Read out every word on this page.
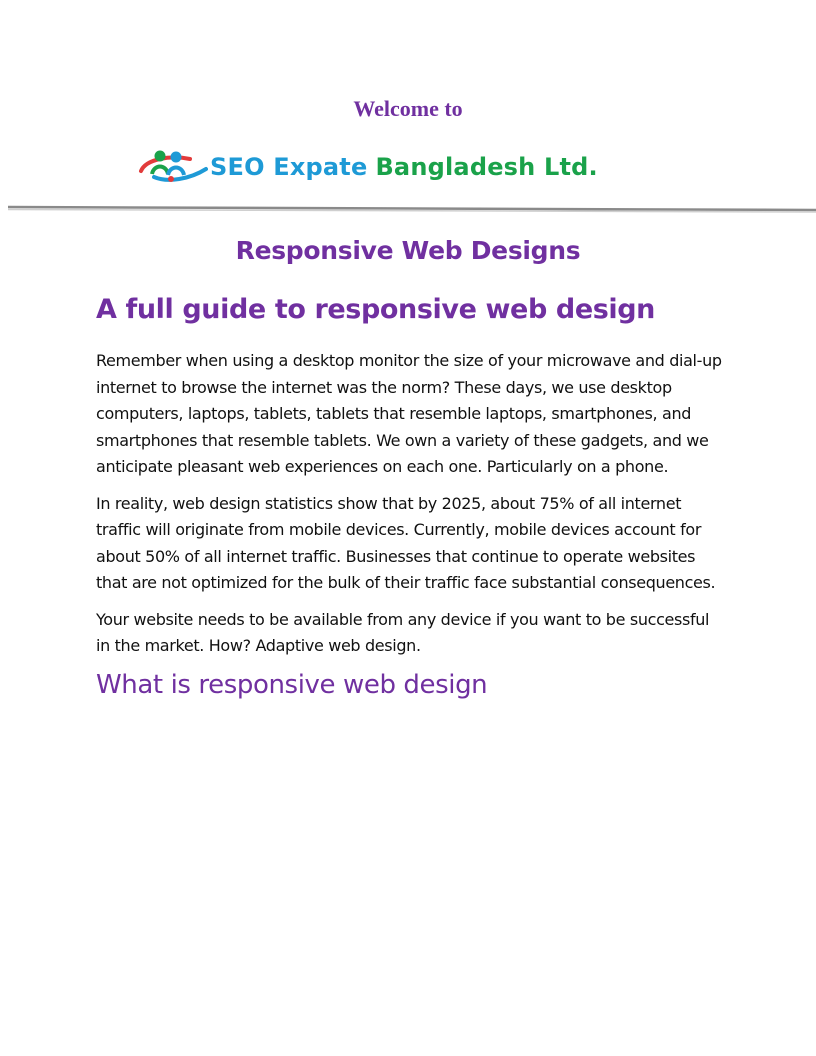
Welcome to
SEO Expate Bangladesh Ltd.
Responsive Web Designs
A full guide to responsive web design

Remember when using a desktop monitor the size of your microwave and dial-up internet to browse the internet was the norm? These days, we use desktop computers, laptops, tablets, tablets that resemble laptops, smartphones, and smartphones that resemble tablets. We own a variety of these gadgets, and we anticipate pleasant web experiences on each one. Particularly on a phone.

In reality, web design statistics show that by 2025, about 75% of all internet traffic will originate from mobile devices. Currently, mobile devices account for about 50% of all internet traffic. Businesses that continue to operate websites that are not optimized for the bulk of their traffic face substantial consequences.

Your website needs to be available from any device if you want to be successful in the market. How? Adaptive web design.

What is responsive web design
